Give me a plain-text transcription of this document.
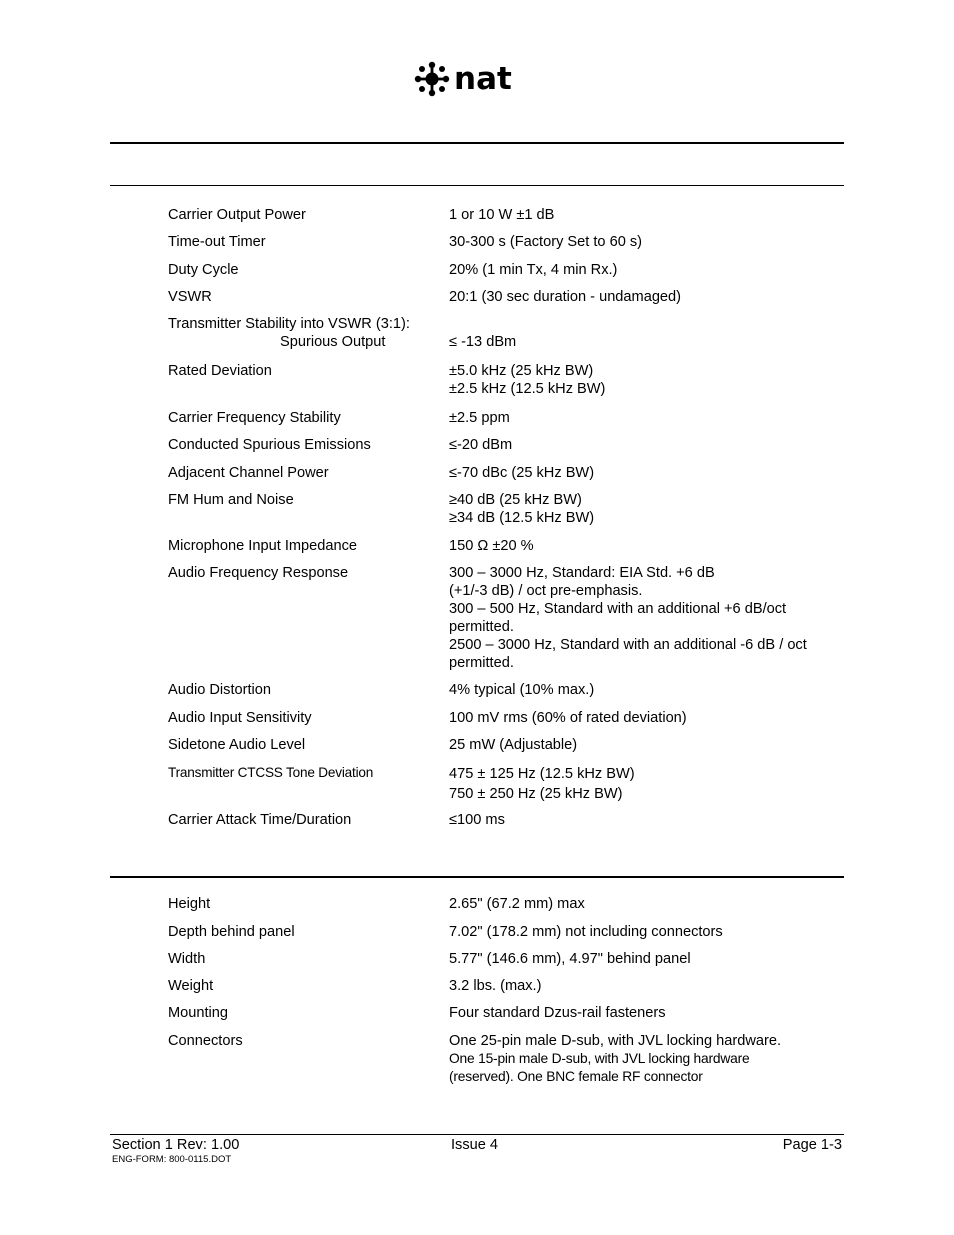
nat
Carrier Output Power	1 or 10 W ±1 dB
Time-out Timer	30-300 s (Factory Set to 60 s)
Duty Cycle	20% (1 min Tx, 4 min Rx.)
VSWR	20:1 (30 sec duration - undamaged)
Transmitter Stability into VSWR (3:1):
Spurious Output	≤ -13 dBm
Rated Deviation	±5.0 kHz (25 kHz BW)
±2.5 kHz (12.5 kHz BW)
Carrier Frequency Stability	±2.5 ppm
Conducted Spurious Emissions	≤-20 dBm
Adjacent Channel Power	≤-70 dBc (25 kHz BW)
FM Hum and Noise	≥40 dB (25 kHz BW)
≥34 dB (12.5 kHz BW)
Microphone Input Impedance	150 Ω ±20 %
Audio Frequency Response	300 – 3000 Hz, Standard: EIA Std. +6 dB
(+1/-3 dB) / oct pre-emphasis.
300 – 500 Hz, Standard with an additional +6 dB/oct
permitted.
2500 – 3000 Hz, Standard with an additional -6 dB / oct
permitted.
Audio Distortion	4% typical (10% max.)
Audio Input Sensitivity	100 mV rms (60% of rated deviation)
Sidetone Audio Level	25 mW (Adjustable)
Transmitter CTCSS Tone Deviation	475 ± 125 Hz (12.5 kHz BW)
750 ± 250 Hz (25 kHz BW)
Carrier Attack Time/Duration	≤100 ms
Height	2.65" (67.2 mm) max
Depth behind panel	7.02" (178.2 mm) not including connectors
Width	5.77" (146.6 mm), 4.97" behind panel
Weight	3.2 lbs. (max.)
Mounting	Four standard Dzus-rail fasteners
Connectors	One 25-pin male D-sub, with JVL locking hardware.
One 15-pin male D-sub, with JVL locking hardware
(reserved). One BNC female RF connector
Section 1 Rev: 1.00	Issue 4	Page 1-3
ENG-FORM: 800-0115.DOT
